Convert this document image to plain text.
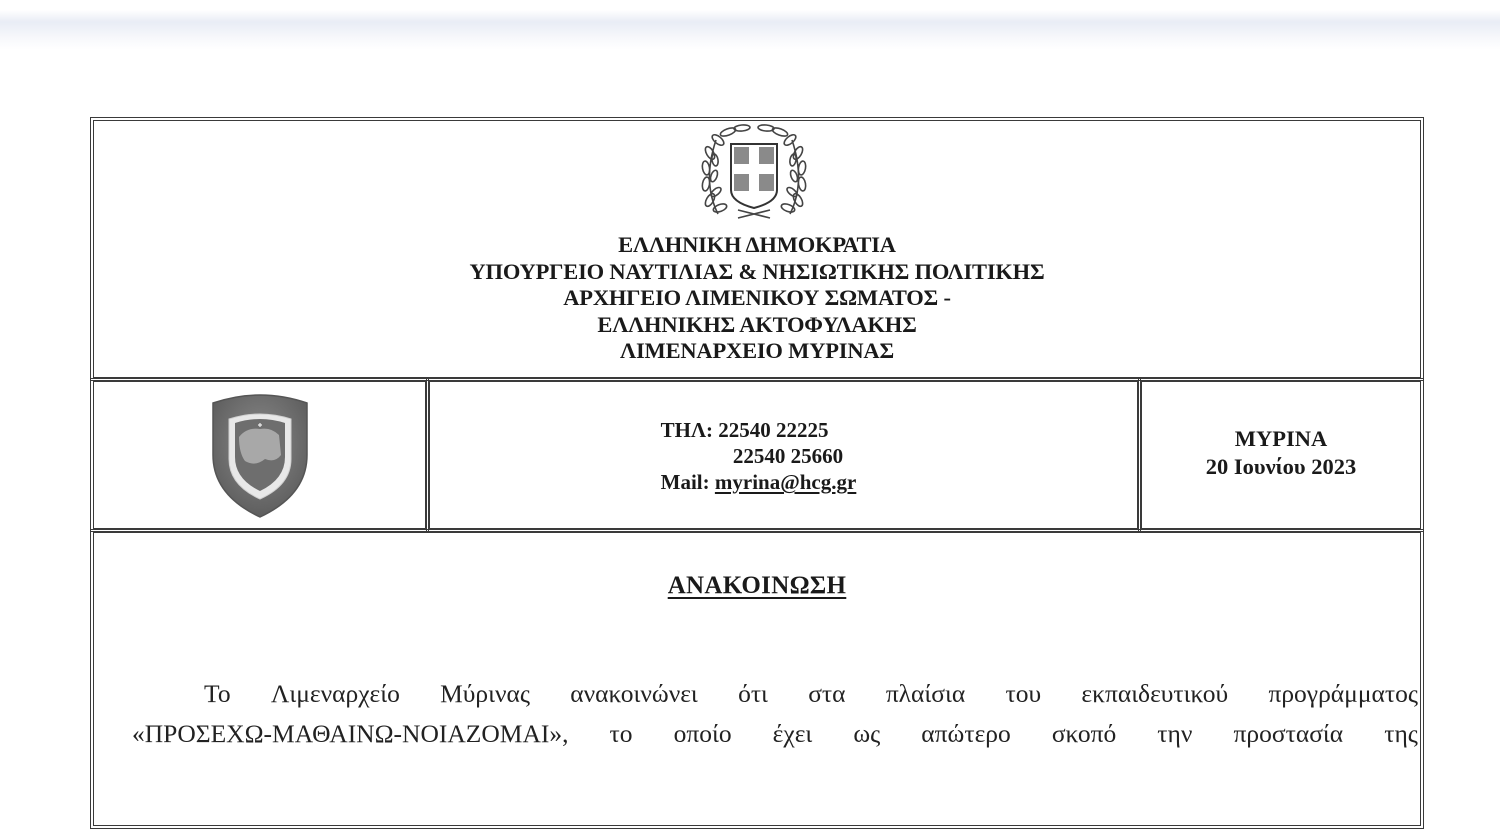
ΕΛΛΗΝΙΚΗ ΔΗΜΟΚΡΑΤΙΑ
ΥΠΟΥΡΓΕΙΟ ΝΑΥΤΙΛΙΑΣ & ΝΗΣΙΩΤΙΚΗΣ ΠΟΛΙΤΙΚΗΣ
ΑΡΧΗΓΕΙΟ ΛΙΜΕΝΙΚΟΥ ΣΩΜΑΤΟΣ -
ΕΛΛΗΝΙΚΗΣ ΑΚΤΟΦΥΛΑΚΗΣ
ΛΙΜΕΝΑΡΧΕΙΟ ΜΥΡΙΝΑΣ
ΤΗΛ: 22540 22225
22540 25660
Mail: myrina@hcg.gr
ΜΥΡΙΝΑ
20 Ιουνίου 2023
ΑΝΑΚΟΙΝΩΣΗ
Το Λιμεναρχείο Μύρινας ανακοινώνει ότι στα πλαίσια του εκπαιδευτικού προγράμματος
«ΠΡΟΣΕΧΩ-ΜΑΘΑΙΝΩ-ΝΟΙΑΖΟΜΑΙ», το οποίο έχει ως απώτερο σκοπό την προστασία της
